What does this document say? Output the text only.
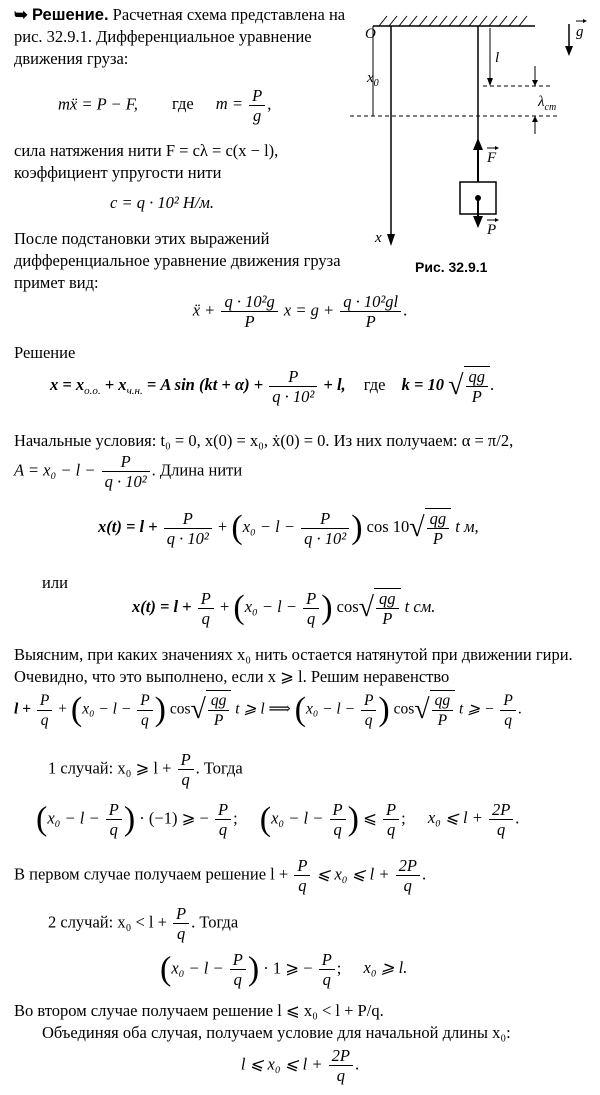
➥ Решение. Расчетная схема представлена на рис. 32.9.1. Дифференциальное уравнение движения груза:
mẍ = P − F, где $m = \frac{P}{g}$ ,
сила натяжения нити F = cλ = c(x − l),
коэффициент упругости нити
c = q · 10² Н/м.
После подстановки этих выражений дифференциальное уравнение движения груза примет вид:
O
x
$x_0$
l
$\lambda_{ст}$
F
P
g
Рис. 32.9.1
ẍ + $\frac{\text{q · 10²g}}{P}$ $x = g + \frac{\text{q · 10²gl}}{P}$ .
Решение
$x = x_{о.о.} + x_{ч.н.} = A$ $\sin (kt + \alpha) + \frac{P}{\text{q · 10²}} + l$, где k = 10 √ $\frac{qg}{P}$ .
Начальные условия: t₀ = 0, x(0) = x₀, ẋ(0) = 0. Из них получаем: α = π/2,
$A = x_0 - l - \frac{P}{\text{q · 10²}}$ . Длина нити
$x(t) = l + \frac{P}{\text{q · 10²}} + (x_0 - l - \frac{P}{\text{q · 10²}}$ ) $\cos 10√ \frac{qg}{P}$ t м,
или
$x(t) = l + \frac{P}{q} + (x_0 - l - \frac{P}{q}$ ) $\cos√ \frac{qg}{P}$ t см.
Выясним, при каких значениях x₀ нить остается натянутой при движении гири. Очевидно, что это выполнено, если x ⩾ l. Решим неравенство
$l + \frac{P}{q} + (x_0 - l - \frac{P}{q}$ ) $\cos√ \frac{qg}{P}$ t ⩾ l ⟹ ($x_0 - l - \frac{P}{q}$ ) $\cos√ \frac{qg}{P}$ t ⩾ − $\frac{P}{q}$ .
1 случай: x₀ ⩾ $l + \frac{P}{q}$ . Тогда
($x_0 - l - \frac{P}{q}$ ) · (−1) ⩾ − $\frac{P}{q}$ ; ($x_0 - l - \frac{P}{q}$ ) ⩽ $\frac{P}{q}$ ; x₀ ⩽ $l + \frac{2P}{q}$ .
В первом случае получаем решение $l + \frac{P}{q}$ ⩽ x₀ ⩽ $l + \frac{2P}{q}$ .
2 случай: $x_0 < l + \frac{P}{q}$ . Тогда
($x_0 - l - \frac{P}{q}$ ) · 1 ⩾ − $\frac{P}{q}$ ; x₀ ⩾ l.
Во втором случае получаем решение l ⩽ x₀ < l + P/q.
Объединяя оба случая, получаем условие для начальной длины x₀:
l ⩽ x₀ ⩽ $l + \frac{2P}{q}$ .
